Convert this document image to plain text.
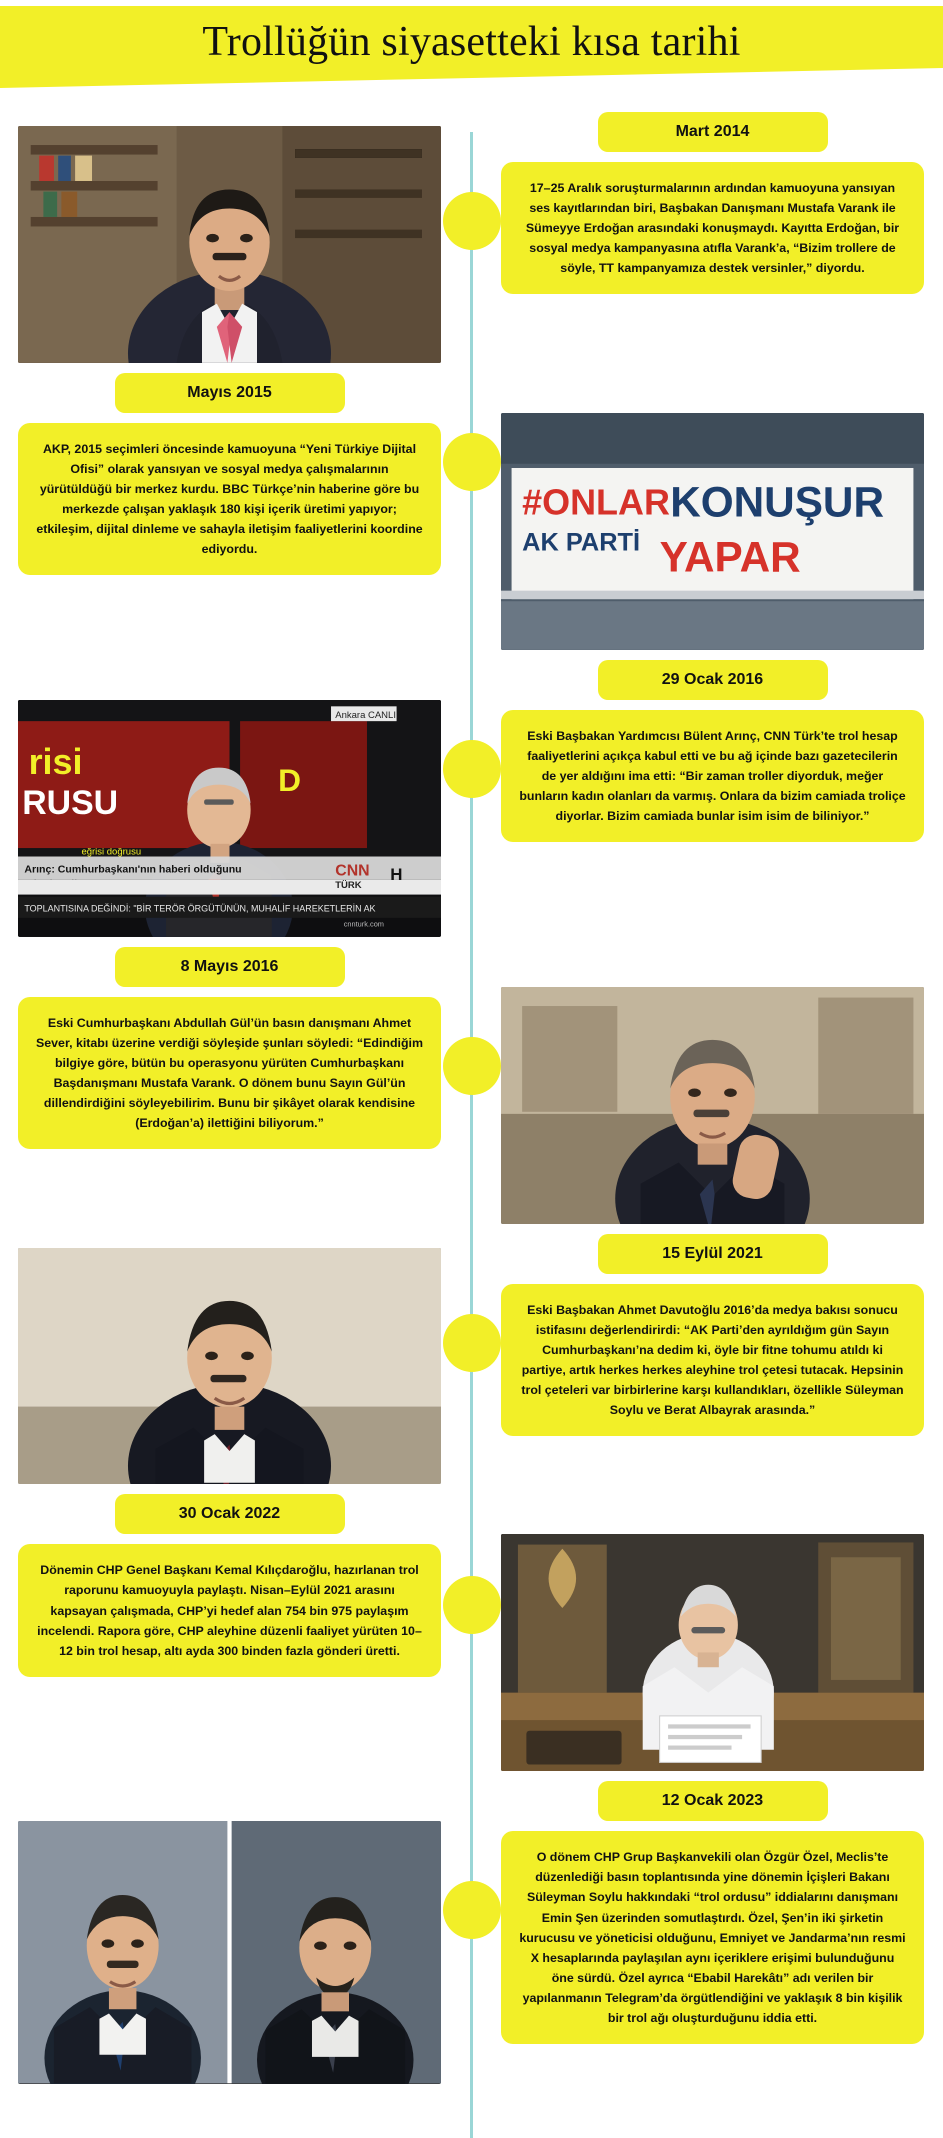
Trollüğün siyasetteki kısa tarihi
Mart 2014
17–25 Aralık soruşturmalarının ardından kamuoyuna yansıyan ses kayıtlarından biri, Başbakan Danışmanı Mustafa Varank ile Sümeyye Erdoğan arasındaki konuşmaydı. Kayıtta Erdoğan, bir sosyal medya kampanyasına atıfla Varank’a, “Bizim trollere de söyle, TT kampanyamıza destek versinler,” diyordu.
Mayıs 2015
AKP, 2015 seçimleri öncesinde kamuoyuna “Yeni Türkiye Dijital Ofisi” olarak yansıyan ve sosyal medya çalışmalarının yürütüldüğü bir merkez kurdu. BBC Türkçe’nin haberine göre bu merkezde çalışan yaklaşık 180 kişi içerik üretimi yapıyor; etkileşim, dijital dinleme ve sahayla iletişim faaliyetlerini koordine ediyordu.
#ONLAR KONUŞUR
AK PARTİ YAPAR
risi
RUSU
D
Ankara CANLI
Arınç: Cumhurbaşkanı'nın haberi olduğunu
eğrisi doğrusu
CNN
TÜRK
H
TOPLANTISINA DEĞİNDİ: "BİR TERÖR ÖRGÜTÜNÜN, MUHALİF HAREKETLERİN AK
cnnturk.com
29 Ocak 2016
Eski Başbakan Yardımcısı Bülent Arınç, CNN Türk’te trol hesap faaliyetlerini açıkça kabul etti ve bu ağ içinde bazı gazetecilerin de yer aldığını ima etti: “Bir zaman troller diyorduk, meğer bunların kadın olanları da varmış. Onlara da bizim camiada troliçe diyorlar. Bizim camiada bunlar isim isim de biliniyor.”
8 Mayıs 2016
Eski Cumhurbaşkanı Abdullah Gül’ün basın danışmanı Ahmet Sever, kitabı üzerine verdiği söyleşide şunları söyledi: “Edindiğim bilgiye göre, bütün bu operasyonu yürüten Cumhurbaşkanı Başdanışmanı Mustafa Varank. O dönem bunu Sayın Gül’ün dillendirdiğini söyleyebilirim. Bunu bir şikâyet olarak kendisine (Erdoğan’a) ilettiğini biliyorum.”
15 Eylül 2021
Eski Başbakan Ahmet Davutoğlu 2016’da medya bakısı sonucu istifasını değerlendirirdi: “AK Parti’den ayrıldığım gün Sayın Cumhurbaşkanı’na dedim ki, öyle bir fitne tohumu atıldı ki partiye, artık herkes herkes aleyhine trol çetesi tutacak. Hepsinin trol çeteleri var birbirlerine karşı kullandıkları, özellikle Süleyman Soylu ve Berat Albayrak arasında.”
30 Ocak 2022
Dönemin CHP Genel Başkanı Kemal Kılıçdaroğlu, hazırlanan trol raporunu kamuoyuyla paylaştı. Nisan–Eylül 2021 arasını kapsayan çalışmada, CHP’yi hedef alan 754 bin 975 paylaşım incelendi. Rapora göre, CHP aleyhine düzenli faaliyet yürüten 10–12 bin trol hesap, altı ayda 300 binden fazla gönderi üretti.
12 Ocak 2023
O dönem CHP Grup Başkanvekili olan Özgür Özel, Meclis’te düzenlediği basın toplantısında yine dönemin İçişleri Bakanı Süleyman Soylu hakkındaki “trol ordusu” iddialarını danışmanı Emin Şen üzerinden somutlaştırdı. Özel, Şen’in iki şirketin kurucusu ve yöneticisi olduğunu, Emniyet ve Jandarma’nın resmi X hesaplarında paylaşılan aynı içeriklere erişimi bulunduğunu öne sürdü. Özel ayrıca “Ebabil Harekâtı” adı verilen bir yapılanmanın Telegram’da örgütlendiğini ve yaklaşık 8 bin kişilik bir trol ağı oluşturduğunu iddia etti.
